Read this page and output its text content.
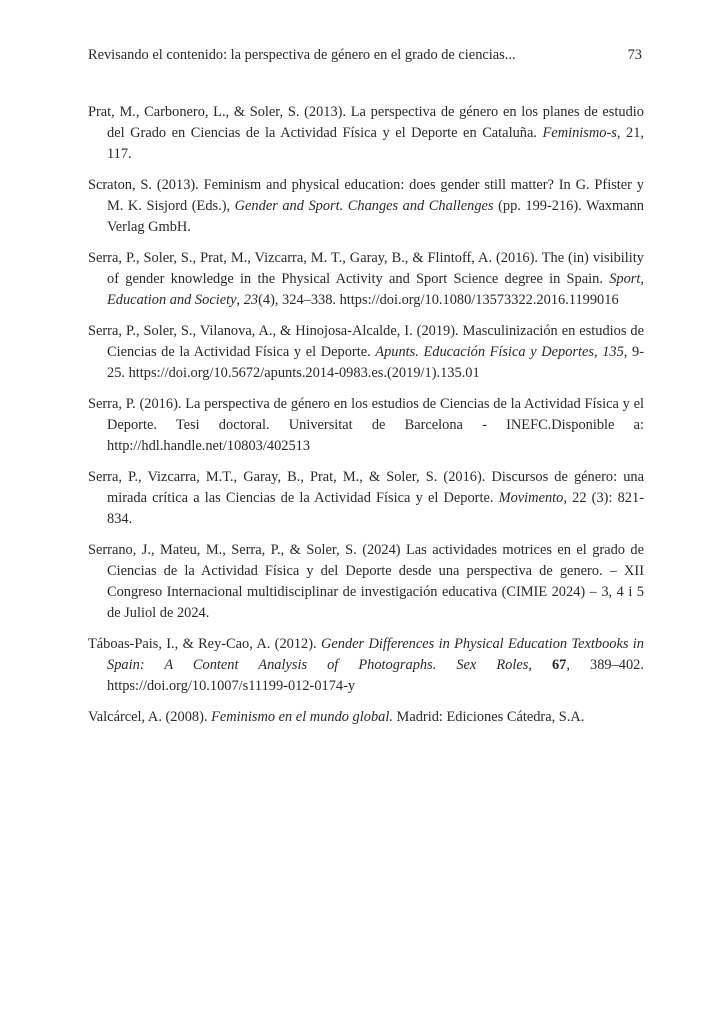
Revisando el contenido: la perspectiva de género en el grado de ciencias...	73

Prat, M., Carbonero, L., & Soler, S. (2013). La perspectiva de género en los planes de estudio del Grado en Ciencias de la Actividad Física y el Deporte en Cataluña. Feminismo-s, 21, 117.

Scraton, S. (2013). Feminism and physical education: does gender still matter? In G. Pfister y M. K. Sisjord (Eds.), Gender and Sport. Changes and Challenges (pp. 199-216). Waxmann Verlag GmbH.

Serra, P., Soler, S., Prat, M., Vizcarra, M. T., Garay, B., & Flintoff, A. (2016). The (in) visibility of gender knowledge in the Physical Activity and Sport Science degree in Spain. Sport, Education and Society, 23(4), 324–338. https://doi.org/10.1080/13573322.2016.1199016

Serra, P., Soler, S., Vilanova, A., & Hinojosa-Alcalde, I. (2019). Masculinización en estudios de Ciencias de la Actividad Física y el Deporte. Apunts. Educación Física y Deportes, 135, 9-25. https://doi.org/10.5672/apunts.2014-0983.es.(2019/1).135.01

Serra, P. (2016). La perspectiva de género en los estudios de Ciencias de la Actividad Física y el Deporte. Tesi doctoral. Universitat de Barcelona - INEFC.Disponible a: http://hdl.handle.net/10803/402513

Serra, P., Vizcarra, M.T., Garay, B., Prat, M., & Soler, S. (2016). Discursos de género: una mirada crítica a las Ciencias de la Actividad Física y el Deporte. Movimento, 22 (3): 821-834.

Serrano, J., Mateu, M., Serra, P., & Soler, S. (2024) Las actividades motrices en el grado de Ciencias de la Actividad Física y del Deporte desde una perspectiva de genero. – XII Congreso Internacional multidisciplinar de investigación educativa (CIMIE 2024) – 3, 4 i 5 de Juliol de 2024.

Táboas-Pais, I., & Rey-Cao, A. (2012). Gender Differences in Physical Education Textbooks in Spain: A Content Analysis of Photographs. Sex Roles, 67, 389–402. https://doi.org/10.1007/s11199-012-0174-y

Valcárcel, A. (2008). Feminismo en el mundo global. Madrid: Ediciones Cátedra, S.A.
